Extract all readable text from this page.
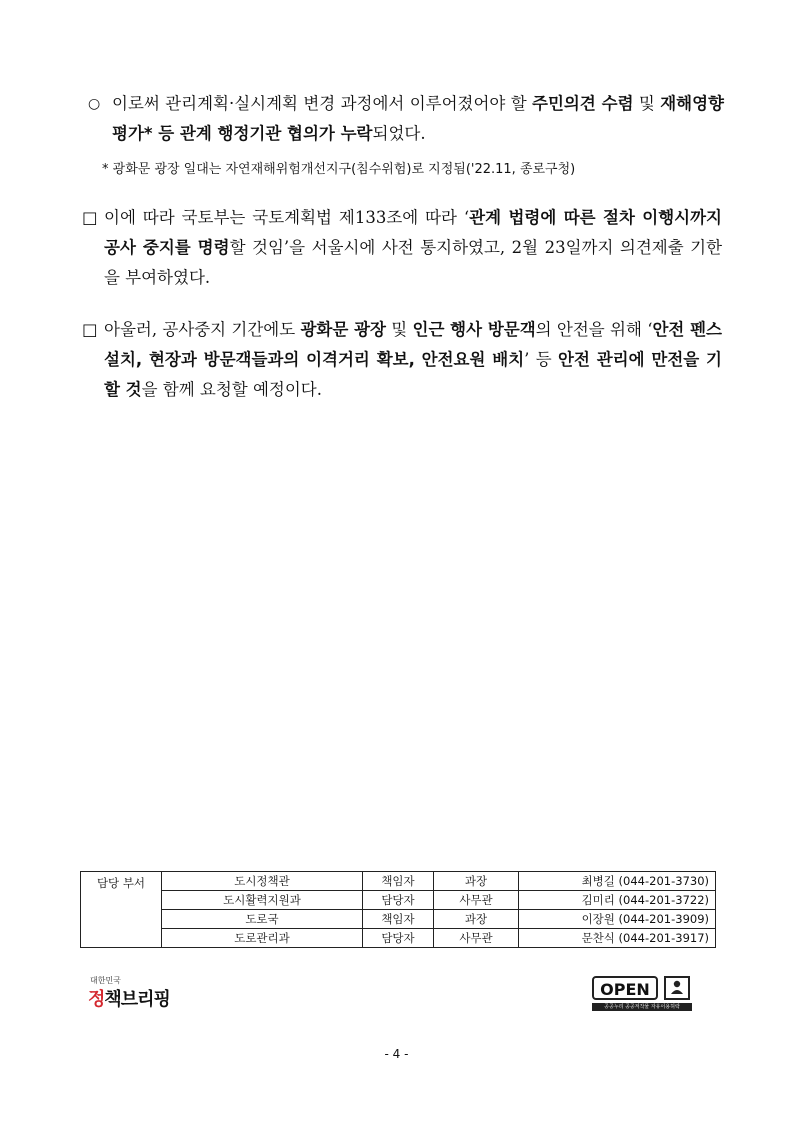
○ 이로써 관리계획·실시계획 변경 과정에서 이루어졌어야 할 주민의견 수렴 및 재해영향평가* 등 관계 행정기관 협의가 누락되었다.
* 광화문 광장 일대는 자연재해위험개선지구(침수위험)로 지정됨('22.11, 종로구청)
□ 이에 따라 국토부는 국토계획법 제133조에 따라 ‘관계 법령에 따른 절차 이행시까지 공사 중지를 명령할 것임’을 서울시에 사전 통지하였고, 2월 23일까지 의견제출 기한을 부여하였다.
□ 아울러, 공사중지 기간에도 광화문 광장 및 인근 행사 방문객의 안전을 위해 ‘안전 펜스 설치, 현장과 방문객들과의 이격거리 확보, 안전요원 배치’ 등 안전 관리에 만전을 기할 것을 함께 요청할 예정이다.
담당 부서	도시정책관	책임자	과장	최병길 (044-201-3730)
	도시활력지원과	담당자	사무관	김미리 (044-201-3722)
	도로국	책임자	과장	이장원 (044-201-3909)
	도로관리과	담당자	사무관	문찬식 (044-201-3917)
대한민국
정책브리핑	OPEN
공공누리 공공저작물 자유이용허락
- 4 -
